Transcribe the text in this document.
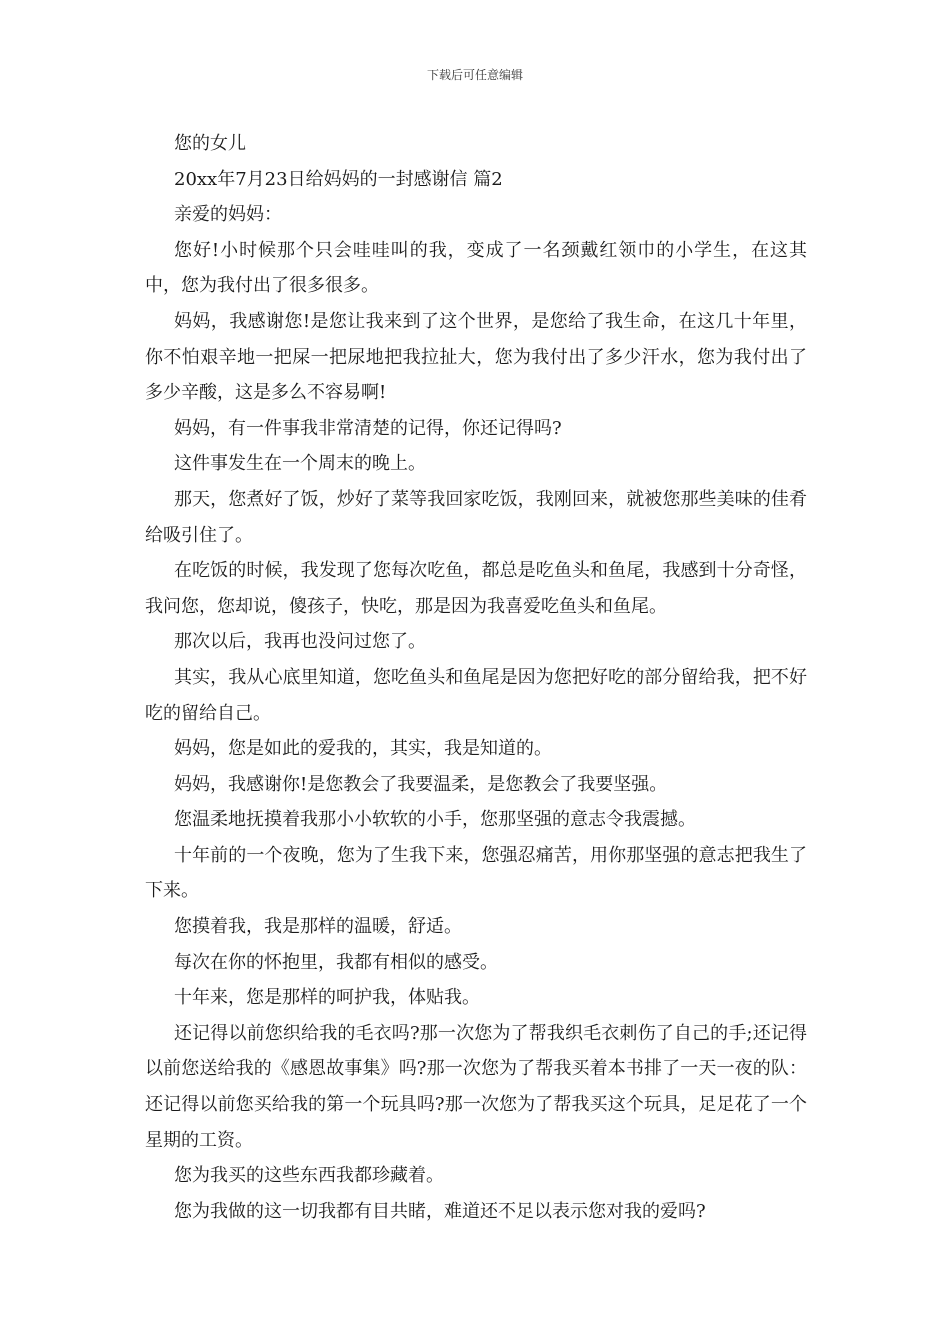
下载后可任意编辑

您的女儿

20xx年7月23日给妈妈的一封感谢信 篇2

亲爱的妈妈：

您好!小时候那个只会哇哇叫的我，变成了一名颈戴红领巾的小学生，在这其中，您为我付出了很多很多。

妈妈，我感谢您!是您让我来到了这个世界，是您给了我生命，在这几十年里，你不怕艰辛地一把屎一把尿地把我拉扯大，您为我付出了多少汗水，您为我付出了多少辛酸，这是多么不容易啊!

妈妈，有一件事我非常清楚的记得，你还记得吗?

这件事发生在一个周末的晚上。

那天，您煮好了饭，炒好了菜等我回家吃饭，我刚回来，就被您那些美味的佳肴给吸引住了。

在吃饭的时候，我发现了您每次吃鱼，都总是吃鱼头和鱼尾，我感到十分奇怪，我问您，您却说，傻孩子，快吃，那是因为我喜爱吃鱼头和鱼尾。

那次以后，我再也没问过您了。

其实，我从心底里知道，您吃鱼头和鱼尾是因为您把好吃的部分留给我，把不好吃的留给自己。

妈妈，您是如此的爱我的，其实，我是知道的。

妈妈，我感谢你!是您教会了我要温柔，是您教会了我要坚强。

您温柔地抚摸着我那小小软软的小手，您那坚强的意志令我震撼。

十年前的一个夜晚，您为了生我下来，您强忍痛苦，用你那坚强的意志把我生了下来。

您摸着我，我是那样的温暖，舒适。

每次在你的怀抱里，我都有相似的感受。

十年来，您是那样的呵护我，体贴我。

还记得以前您织给我的毛衣吗?那一次您为了帮我织毛衣刺伤了自己的手;还记得以前您送给我的《感恩故事集》吗?那一次您为了帮我买着本书排了一天一夜的队：还记得以前您买给我的第一个玩具吗?那一次您为了帮我买这个玩具，足足花了一个星期的工资。

您为我买的这些东西我都珍藏着。

您为我做的这一切我都有目共睹，难道还不足以表示您对我的爱吗?
